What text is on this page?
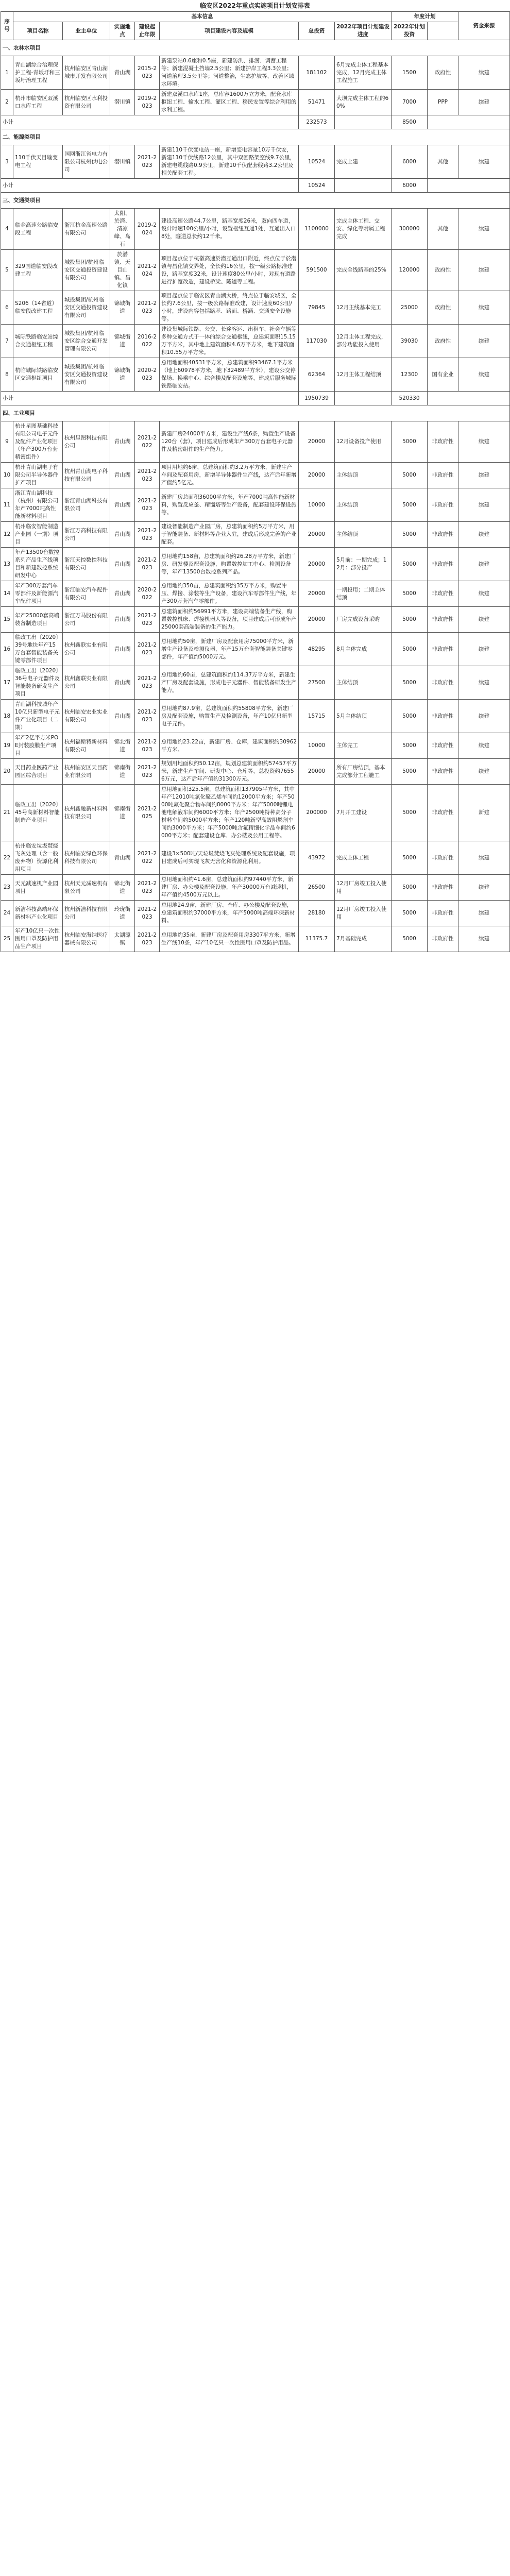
临安区2022年重点实施项目计划安排表
序号	基本信息							年度计划		资金来源
	项目名称	业主单位	实施地点	建设起止年限	项目建设内容及规模	总投资	2022年项目计划建设进度	2022年计划投资		
一、农林水项目										
1	青山湖综合治理保护工程-青坂圩和三坂圩治理工程	杭州临安区青山湖城市开发有限公司	青山湖	2015-2023	新建泵站0.6座和0.5座，新建防洪、排涝、调蓄工程等；新建混凝土挡墙2.5公里；新建护岸工程3.3公里；河道治理3.5公里等；河道整治，生态护坡等，改善区域水环境。	181102	6月完成主体工程基本完成，12月完成主体工程施工	1500	政府性	续建
2	杭州市临安区双溪口水库工程	杭州临安区水利投资有限公司	潜川镇	2019-2023	新建双溪口水库1座，总库容1600万立方米，配套水库枢纽工程、输水工程、灌区工程、移民安置等综合利用的水利工程。	51471	大坝完成主体工程的60%	7000	PPP	续建
小计						232573		8500		
二、能源类项目										
3	110千伏天目输变电工程	国网浙江省电力有限公司杭州供电公司	潜川镇	2021-2023	新建110千伏变电站一座，新增变电容量10万千伏安，新建110千伏线路12公里，其中双回路架空线9.7公里，新建电缆线路0.9公里，新建10千伏配套线路3.2公里及相关配套工程。	10524	完成土建	6000	其他	续建
小计						10524		6000		
三、交通类项目										
4	临金高速公路临安段工程	浙江杭金高速公路有限公司	太阳、於潜、清凉峰、岛石	2019-2024	建设高速公路44.7公里，路基宽度26米，双向四车道，设计时速100公里/小时，设置枢纽互通1处，互通出入口8处，隧道总长约12千米。	1100000	完成主体工程、交安、绿化等附属工程完成	300000	其他	续建
5	329国道临安段改建工程	城投集团/杭州临安区交通投资建设有限公司	於潜镇、天目山镇、昌化镇	2021-2024	项目起点位于杭徽高速於潜互通出口附近，终点位于於潜镇与昌化镇交界处，全长约16公里，按一级公路标准建设，路基宽度32米，设计速度80公里/小时，对现有道路进行扩宽改造，建设桥梁、隧道等工程。	591500	完成全线路基的25%	120000	政府性	续建
6	S206（14省道）临安段改建工程	城投集团/杭州临安区交通投资建设有限公司	锦城街道	2021-2023	项目起点位于临安区青山湖大桥，终点位于临安城区，全长约7.6公里，按一级公路标准改建，设计速度60公里/小时，建设内容包括路基、路面、桥涵、交通安全设施等。	79845	12月主线基本完工	25000	政府性	续建
7	城际铁路临安站综合交通枢纽工程	城投集团/杭州临安区综合交通开发管理有限公司	锦城街道	2016-2022	建设集城际铁路、公交、长途客运、出租车、社会车辆等多种交通方式于一体的综合交通枢纽，总建筑面积15.15万平方米，其中地上建筑面积4.6万平方米，地下建筑面积10.55万平方米。	117030	12月主体工程完成，部分功能投入使用	39030	政府性	续建
8	杭临城际铁路临安区交通枢纽项目	城投集团/杭州临安区交通投资建设有限公司	锦城街道	2020-2023	总用地面积40531平方米，总建筑面积93467.1平方米（地上60978平方米，地下32489平方米），建设公交停保场、换乘中心、综合楼及配套设施等，建成后服务城际铁路临安站。	62364	12月主体工程结顶	12300	国有企业	续建
小计						1950739		520330		
四、工业项目										
9	杭州星图基础科技有限公司电子元件及配件产业化项目（年产300万台套精密组件）	杭州星图科技有限公司	青山湖	2021-2022	新建厂房24000平方米，建设生产线6条，购置生产设备120台（套），项目建成后形成年产300万台套电子元器件及精密组件的生产能力。	20000	12月设备投产使用	5000	非政府性	续建
10	杭州青山湖电子有限公司半导体器件扩产项目	杭州青山湖电子科技有限公司	青山湖	2021-2023	项目用地约6亩，总建筑面积约3.2万平方米，新建生产车间及配套用房，新增半导体器件生产线，达产后年新增产值约5亿元。	20000	主体结顶	5000	非政府性	续建
11	浙江青山湖科技（杭州）有限公司年产7000吨高性能新材料项目	浙江青山湖科技有限公司	青山湖	2021-2023	新建厂房总面积36000平方米，年产7000吨高性能新材料，购置反应釜、精馏塔等生产设备，配套建设环保设施等。	10000	主体结顶	5000	非政府性	续建
12	杭州临安智能制造产业园（一期）项目	浙江万高科技有限公司	青山湖	2021-2023	建设智能制造产业园厂房，总建筑面积约5万平方米，用于智能装备、新材料等企业入驻，建成后形成完善的产业配套。	20000	主体结顶	5000	非政府性	续建
13	年产13500台数控系列产品生产线项目和新建数控系统研发中心	浙江天控数控科技有限公司	青山湖	2021-2023	总用地约158亩，总建筑面积约26.28万平方米，新建厂房、研发楼及配套设施，购置数控加工中心、检测设备等，年产13500台数控系列产品。	20000	5月前：一期完成；12月：部分投产	5000	非政府性	续建
14	年产300万套汽车零部件及新能源汽车配件项目	浙江临安汽车配件有限公司	青山湖	2020-2022	总用地约350亩，总建筑面积约35万平方米，购置冲压、焊接、涂装等生产设备，建设汽车零部件生产线，年产300万套汽车零部件。	20000	一期投用；二期主体结顶	5000	非政府性	续建
15	年产25000套高端装备制造项目	浙江万马股份有限公司	青山湖	2021-2023	总建筑面积约56991平方米，建设高端装备生产线，购置数控机床、焊接机器人等设备，项目建成后可形成年产25000套高端装备的生产能力。	20000	厂房完成设备采购	5000	非政府性	续建
16	临政工出〔2020〕39号地块年产15万台套智能装备关键零部件项目	杭州鑫联实业有限公司	青山湖	2021-2023	总用地约50亩，新建厂房及配套用房75000平方米，新增生产设备及检测仪器，年产15万台套智能装备关键零部件，年产值约5000万元。	48295	8月主体完成	5000	非政府性	续建
17	临政工出〔2020〕36号电子元器件及智能装备研发生产项目	杭州鑫联实业有限公司	青山湖	2021-2023	总用地约60亩，总建筑面积约114.37万平方米，新建生产厂房及配套设施，形成电子元器件、智能装备研发生产能力。	27500	主体结顶	5000	非政府性	续建
18	青山湖科技城年产10亿只新型电子元件产业化项目（二期）	杭州临安宏业实业有限公司	青山湖	2021-2023	总用地约87.9亩，总建筑面积约55808平方米，新建厂房及配套设施，购置生产及检测设备，年产10亿只新型电子元件。	15715	5月主体结顶	5000	非政府性	续建
19	年产2亿平方米POE封装胶膜生产项目	杭州福斯特新材料有限公司	锦北街道	2021-2023	总用地约23.22亩，新建厂房、仓库，建筑面积约30962平方米。	10000	主体完工	5000	非政府性	续建
20	天目药业医药产业园区综合项目	杭州临安区天目药业有限公司	锦南街道	2021-2023	规划用地面积约50.12亩，规划总建筑面积约57457平方米，新建生产车间、研发中心、仓库等，总投资约76556万元，达产后年产值约31300万元。	20000	所有厂房结顶，基本完成部分工程施工	5000	非政府性	续建
21	临政工出〔2020〕45号高新材料智能制造产业项目	杭州鑫融新材料科技有限公司	锦南街道	2021-2025	总用地面积325.5亩，总建筑面积137905平方米，其中年产12010吨氯化聚乙烯车间约12000平方米；年产5000吨氟化聚合物车间约8000平方米；年产5000吨锂电池电解液车间约6000平方米；年产2500吨特种高分子材料车间约5000平方米；年产120吨新型高效阻燃剂车间约3000平方米；年产5000吨含氟精细化学品车间约6000平方米；配套建设仓库、办公楼及公用工程等。	200000	7月开工建设	5000	非政府性	新建
22	杭州临安垃圾焚烧飞灰处理（含一般废弃物）资源化利用项目	杭州临安绿色环保科技有限公司	青山湖	2021-2022	建设3×500吨/天垃圾焚烧飞灰处理系统及配套设施，项目建成后可实现飞灰无害化和资源化利用。	43972	完成主体工程	5000	非政府性	续建
23	天元减速机产业园项目	杭州天元减速机有限公司	锦北街道	2021-2023	总用地面积约41.6亩，总建筑面积约97440平方米，新建厂房、办公楼及配套设施，年产30000万台减速机，年产值约4500万元以上。	26500	12月厂房竣工投入使用	5000	非政府性	续建
24	新洁科技高端环保新材料产业化项目	杭州新洁科技有限公司	玲珑街道	2021-2023	总用地24.9亩，新建厂房、仓库、办公楼及配套设施，总建筑面积约37000平方米，年产5000吨高端环保新材料。	28180	12月厂房竣工投入使用	5000	非政府性	续建
25	年产10亿只一次性医用口罩及防护用品生产项目	杭州临安海纳医疗器械有限公司	太湖源镇	2021-2023	总用地约35亩，新建厂房及配套用房3307平方米，新增生产线10条，年产10亿只一次性医用口罩及防护用品。	11375.7	7月基础完成	5000	非政府性	续建
